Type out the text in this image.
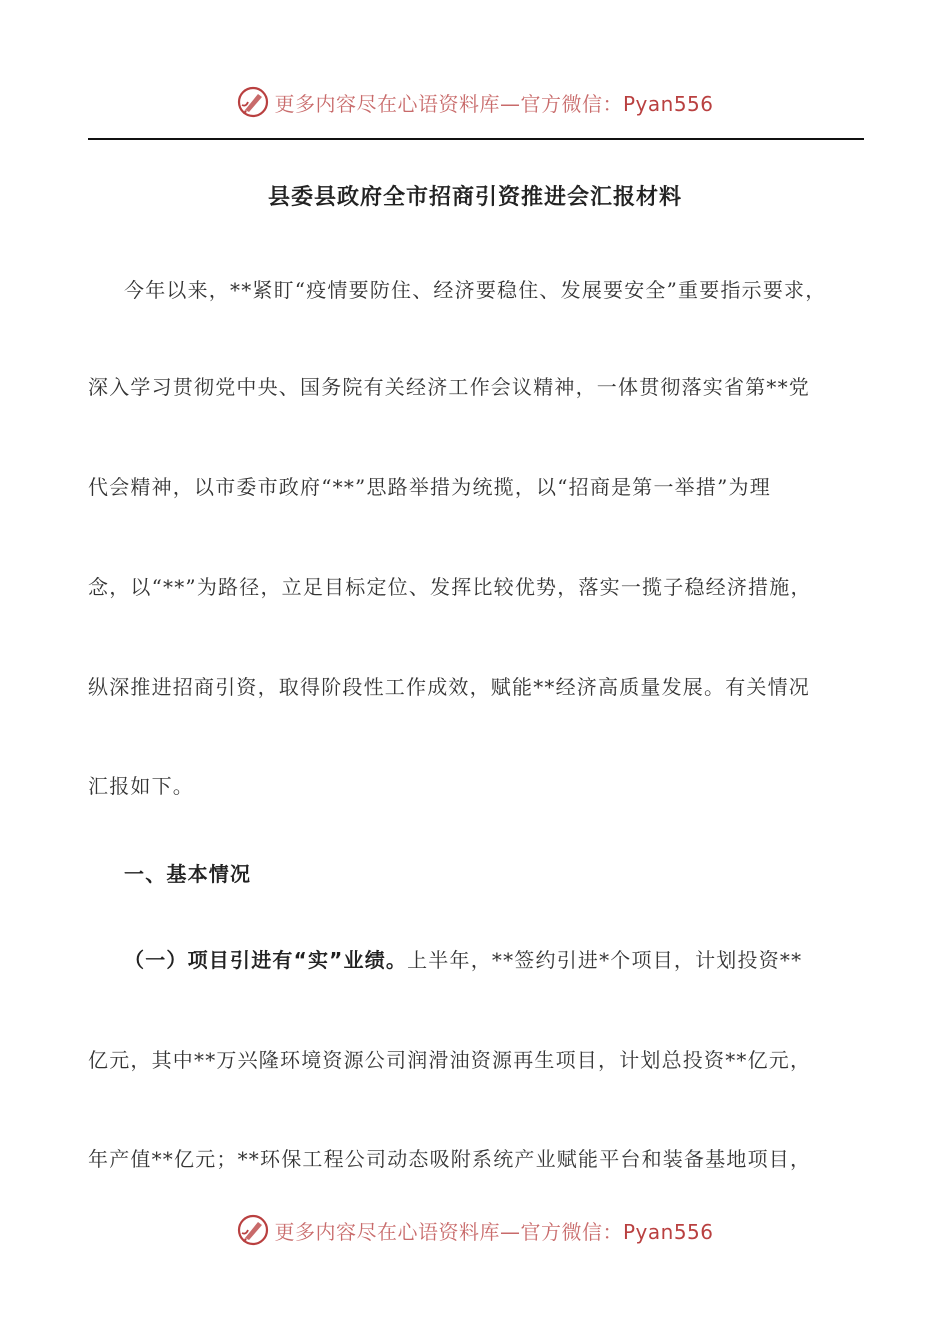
更多内容尽在心语资料库—官方微信：Pyan556
县委县政府全市招商引资推进会汇报材料
今年以来，**紧盯“疫情要防住、经济要稳住、发展要安全”重要指示要求，
深入学习贯彻党中央、国务院有关经济工作会议精神，一体贯彻落实省第**党
代会精神，以市委市政府“**”思路举措为统揽，以“招商是第一举措”为理
念，以“**”为路径，立足目标定位、发挥比较优势，落实一揽子稳经济措施，
纵深推进招商引资，取得阶段性工作成效，赋能**经济高质量发展。有关情况
汇报如下。
一、基本情况
（一）项目引进有“实”业绩。上半年，**签约引进*个项目，计划投资**
亿元，其中**万兴隆环境资源公司润滑油资源再生项目，计划总投资**亿元，
年产值**亿元；**环保工程公司动态吸附系统产业赋能平台和装备基地项目，
更多内容尽在心语资料库—官方微信：Pyan556
